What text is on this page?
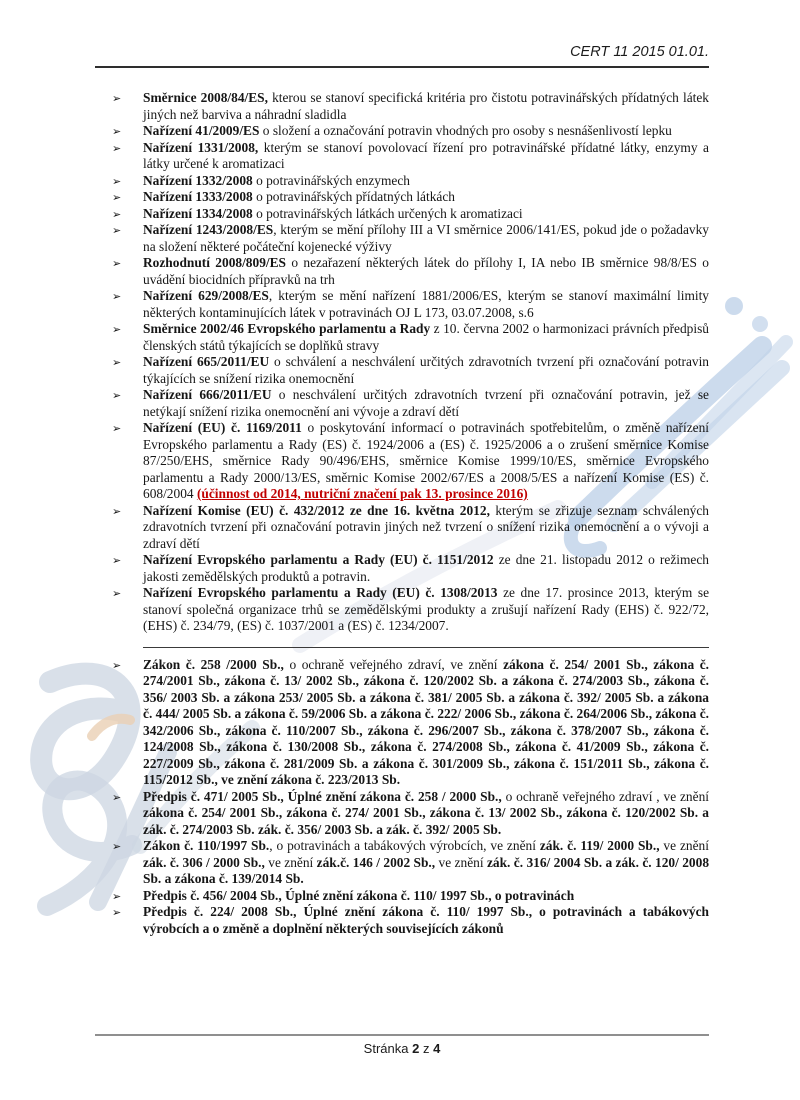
CERT 11 2015 01.01.
➢ Směrnice 2008/84/ES, kterou se stanoví specifická kritéria pro čistotu potravinářských přídatných látek jiných než barviva a náhradní sladidla
➢ Nařízení 41/2009/ES o složení a označování potravin vhodných pro osoby s nesnášenlivostí lepku
➢ Nařízení 1331/2008, kterým se stanoví povolovací řízení pro potravinářské přídatné látky, enzymy a látky určené k aromatizaci
➢ Nařízení 1332/2008 o potravinářských enzymech
➢ Nařízení 1333/2008 o potravinářských přídatných látkách
➢ Nařízení 1334/2008 o potravinářských látkách určených k aromatizaci
➢ Nařízení 1243/2008/ES, kterým se mění přílohy III a VI směrnice 2006/141/ES, pokud jde o požadavky na složení některé počáteční kojenecké výživy
➢ Rozhodnutí 2008/809/ES o nezařazení některých látek do přílohy I, IA nebo IB směrnice 98/8/ES o uvádění biocidních přípravků na trh
➢ Nařízení 629/2008/ES, kterým se mění nařízení 1881/2006/ES, kterým se stanoví maximální limity některých kontaminujících látek v potravinách OJ L 173, 03.07.2008, s.6
➢ Směrnice 2002/46 Evropského parlamentu a Rady z 10. června 2002 o harmonizaci právních předpisů členských států týkajících se doplňků stravy
➢ Nařízení 665/2011/EU o schválení a neschválení určitých zdravotních tvrzení při označování potravin týkajících se snížení rizika onemocnění
➢ Nařízení 666/2011/EU o neschválení určitých zdravotních tvrzení při označování potravin, jež se netýkají snížení rizika onemocnění ani vývoje a zdraví dětí
➢ Nařízení (EU) č. 1169/2011 o poskytování informací o potravinách spotřebitelům, o změně nařízení Evropského parlamentu a Rady (ES) č. 1924/2006 a (ES) č. 1925/2006 a o zrušení směrnice Komise 87/250/EHS, směrnice Rady 90/496/EHS, směrnice Komise 1999/10/ES, směrnice Evropského parlamentu a Rady 2000/13/ES, směrnic Komise 2002/67/ES a 2008/5/ES a nařízení Komise (ES) č. 608/2004 (účinnost od 2014, nutriční značení pak 13. prosince 2016)
➢ Nařízení Komise (EU) č. 432/2012 ze dne 16. května 2012, kterým se zřizuje seznam schválených zdravotních tvrzení při označování potravin jiných než tvrzení o snížení rizika onemocnění a o vývoji a zdraví dětí
➢ Nařízení Evropského parlamentu a Rady (EU) č. 1151/2012 ze dne 21. listopadu 2012 o režimech jakosti zemědělských produktů a potravin.
➢ Nařízení Evropského parlamentu a Rady (EU) č. 1308/2013 ze dne 17. prosince 2013, kterým se stanoví společná organizace trhů se zemědělskými produkty a zrušují nařízení Rady (EHS) č. 922/72, (EHS) č. 234/79, (ES) č. 1037/2001 a (ES) č. 1234/2007.
➢ Zákon č. 258 /2000 Sb., o ochraně veřejného zdraví, ve znění zákona č. 254/ 2001 Sb., zákona č. 274/2001 Sb., zákona č. 13/ 2002 Sb., zákona č. 120/2002 Sb. a zákona č. 274/2003 Sb., zákona č. 356/ 2003 Sb. a zákona 253/ 2005 Sb. a zákona č. 381/ 2005 Sb. a zákona č. 392/ 2005 Sb. a zákona č. 444/ 2005 Sb. a zákona č. 59/2006 Sb. a zákona č. 222/ 2006 Sb., zákona č. 264/2006 Sb., zákona č. 342/2006 Sb., zákona č. 110/2007 Sb., zákona č. 296/2007 Sb., zákona č. 378/2007 Sb., zákona č. 124/2008 Sb., zákona č. 130/2008 Sb., zákona č. 274/2008 Sb., zákona č. 41/2009 Sb., zákona č. 227/2009 Sb., zákona č. 281/2009 Sb. a zákona č. 301/2009 Sb., zákona č. 151/2011 Sb., zákona č. 115/2012 Sb., ve znění zákona č. 223/2013 Sb.
➢ Předpis č. 471/ 2005 Sb., Úplné znění zákona č. 258 / 2000 Sb., o ochraně veřejného zdraví , ve znění zákona č. 254/ 2001 Sb., zákona č. 274/ 2001 Sb., zákona č. 13/ 2002 Sb., zákona č. 120/2002 Sb. a zák. č. 274/2003 Sb. zák. č. 356/ 2003 Sb. a zák. č. 392/ 2005 Sb.
➢ Zákon č. 110/1997 Sb., o potravinách a tabákových výrobcích, ve znění zák. č. 119/ 2000 Sb., ve znění zák. č. 306 / 2000 Sb., ve znění zák.č. 146 / 2002 Sb., ve znění zák. č. 316/ 2004 Sb. a zák. č. 120/ 2008 Sb. a zákona č. 139/2014 Sb.
➢ Předpis č. 456/ 2004 Sb., Úplné znění zákona č. 110/ 1997 Sb., o potravinách
➢ Předpis č. 224/ 2008 Sb., Úplné znění zákona č. 110/ 1997 Sb., o potravinách a tabákových výrobcích a o změně a doplnění některých souvisejících zákonů
Stránka 2 z 4
